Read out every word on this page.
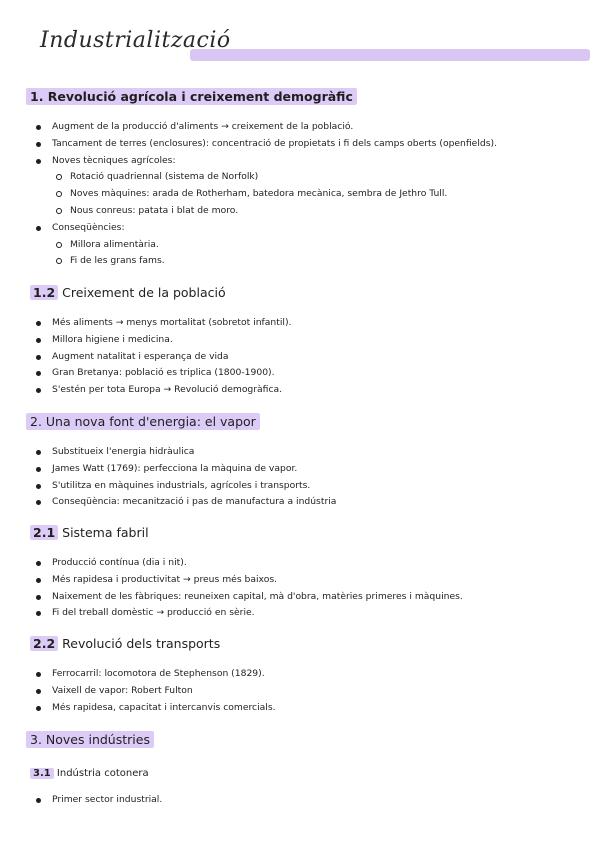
Industrialització
1. Revolució agrícola i creixement demogràfic
Augment de la producció d'aliments → creixement de la població.
Tancament de terres (enclosures): concentració de propietats i fi dels camps oberts (openfields).
Noves tècniques agrícoles:
Rotació quadriennal (sistema de Norfolk)
Noves màquines: arada de Rotherham, batedora mecànica, sembra de Jethro Tull.
Nous conreus: patata i blat de moro.
Conseqüències:
Millora alimentària.
Fi de les grans fams.
1.2 Creixement de la població
Més aliments → menys mortalitat (sobretot infantil).
Millora higiene i medicina.
Augment natalitat i esperança de vida
Gran Bretanya: població es triplica (1800-1900).
S'estén per tota Europa → Revolució demogràfica.
2. Una nova font d'energia: el vapor
Substitueix l'energia hidràulica
James Watt (1769): perfecciona la màquina de vapor.
S'utilitza en màquines industrials, agrícoles i transports.
Conseqüència: mecanització i pas de manufactura a indústria
2.1 Sistema fabril
Producció contínua (dia i nit).
Més rapidesa i productivitat → preus més baixos.
Naixement de les fàbriques: reuneixen capital, mà d'obra, matèries primeres i màquines.
Fi del treball domèstic → producció en sèrie.
2.2 Revolució dels transports
Ferrocarril: locomotora de Stephenson (1829).
Vaixell de vapor: Robert Fulton
Més rapidesa, capacitat i intercanvis comercials.
3. Noves indústries
3.1 Indústria cotonera
Primer sector industrial.
